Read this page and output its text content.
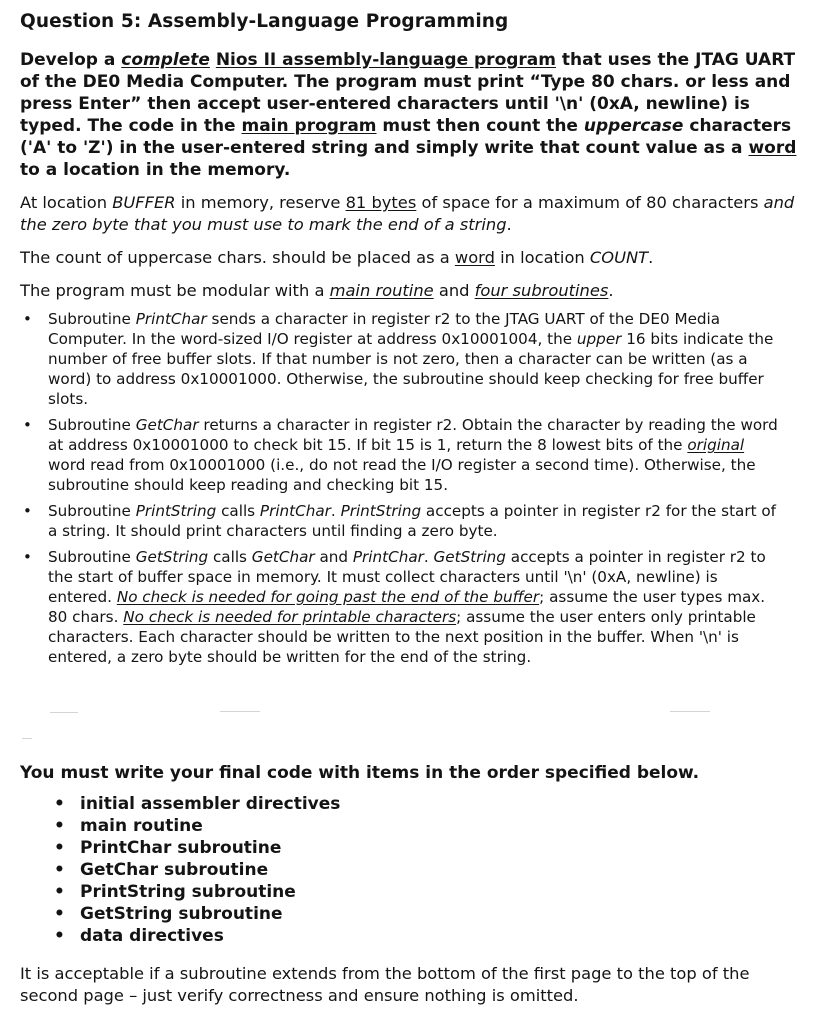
Question 5: Assembly-Language Programming
Develop a complete Nios II assembly-language program that uses the JTAG UART of the DE0 Media Computer. The program must print “Type 80 chars. or less and press Enter” then accept user-entered characters until '\n' (0xA, newline) is typed. The code in the main program must then count the uppercase characters ('A' to 'Z') in the user-entered string and simply write that count value as a word to a location in the memory.
At location BUFFER in memory, reserve 81 bytes of space for a maximum of 80 characters and the zero byte that you must use to mark the end of a string.
The count of uppercase chars. should be placed as a word in location COUNT.
The program must be modular with a main routine and four subroutines.
• Subroutine PrintChar sends a character in register r2 to the JTAG UART of the DE0 Media Computer. In the word-sized I/O register at address 0x10001004, the upper 16 bits indicate the number of free buffer slots. If that number is not zero, then a character can be written (as a word) to address 0x10001000. Otherwise, the subroutine should keep checking for free buffer slots.
• Subroutine GetChar returns a character in register r2. Obtain the character by reading the word at address 0x10001000 to check bit 15. If bit 15 is 1, return the 8 lowest bits of the original word read from 0x10001000 (i.e., do not read the I/O register a second time). Otherwise, the subroutine should keep reading and checking bit 15.
• Subroutine PrintString calls PrintChar. PrintString accepts a pointer in register r2 for the start of a string. It should print characters until finding a zero byte.
• Subroutine GetString calls GetChar and PrintChar. GetString accepts a pointer in register r2 to the start of buffer space in memory. It must collect characters until '\n' (0xA, newline) is entered. No check is needed for going past the end of the buffer; assume the user types max. 80 chars. No check is needed for printable characters; assume the user enters only printable characters. Each character should be written to the next position in the buffer. When '\n' is entered, a zero byte should be written for the end of the string.
You must write your final code with items in the order specified below.
• initial assembler directives
• main routine
• PrintChar subroutine
• GetChar subroutine
• PrintString subroutine
• GetString subroutine
• data directives
It is acceptable if a subroutine extends from the bottom of the first page to the top of the second page – just verify correctness and ensure nothing is omitted.
